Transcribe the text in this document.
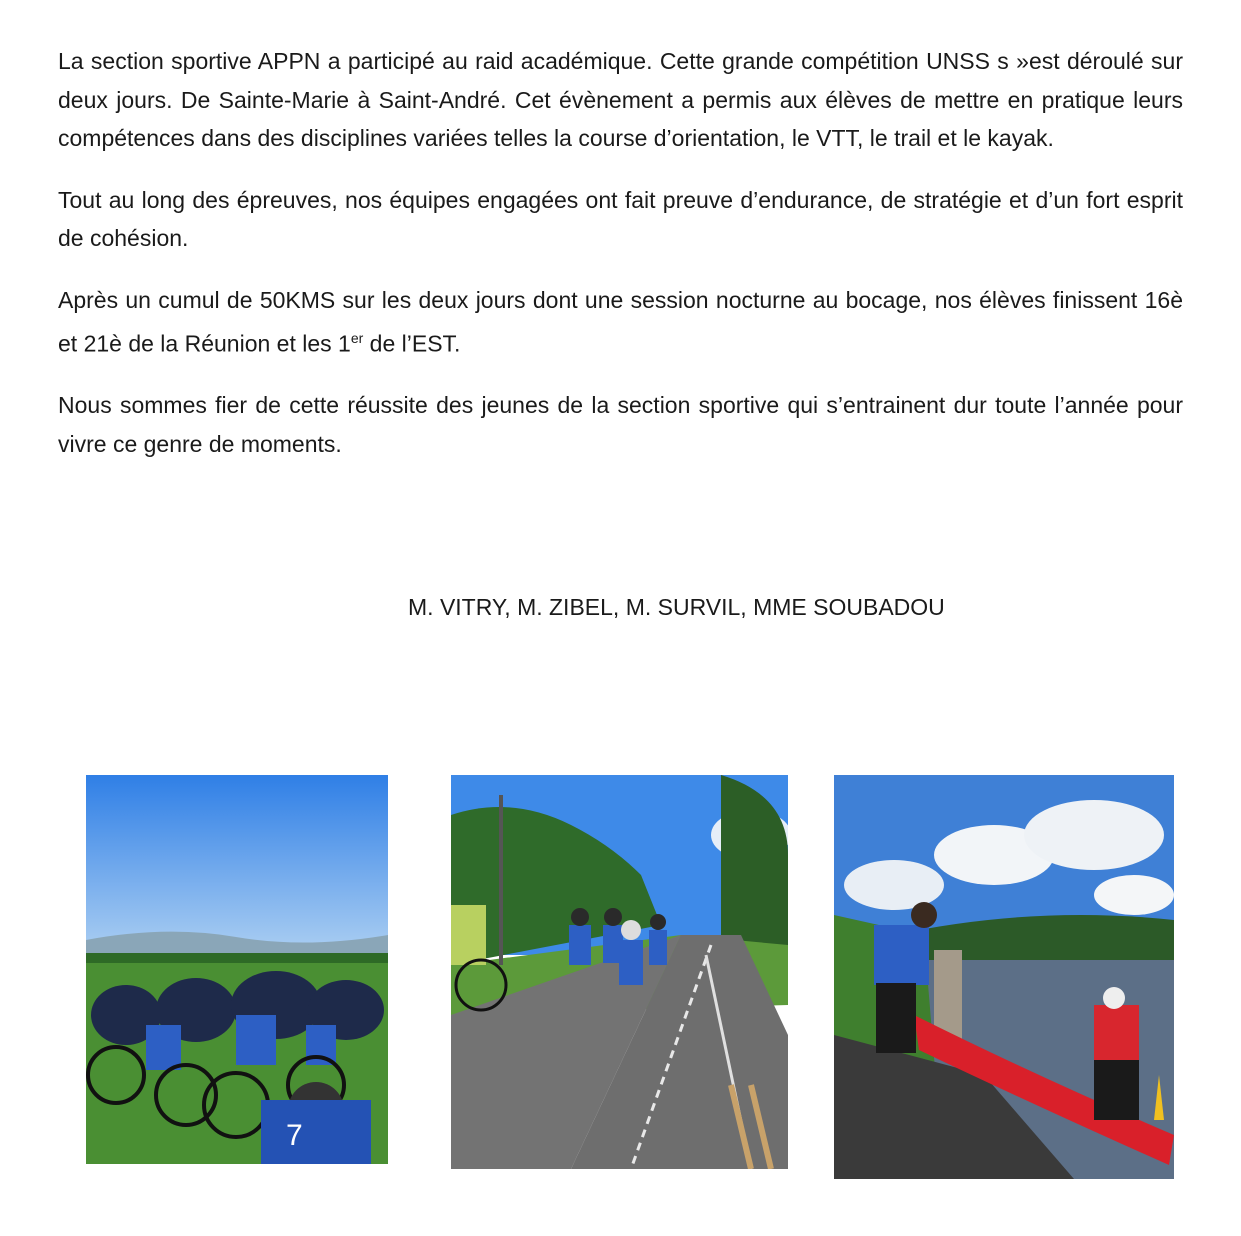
La section sportive APPN a participé au raid académique. Cette grande compétition UNSS s »est déroulé sur deux jours. De Sainte-Marie à Saint-André. Cet évènement a permis aux élèves de mettre en pratique leurs compétences dans des disciplines variées telles la course d’orientation, le VTT, le trail et le kayak.

Tout au long des épreuves, nos équipes engagées ont fait preuve d’endurance, de stratégie et d’un fort esprit de cohésion.

Après un cumul de 50KMS sur les deux jours dont une session nocturne au bocage, nos élèves finissent 16è et 21è de la Réunion et les 1er de l’EST.

Nous sommes fier de cette réussite des jeunes de la section sportive qui s’entrainent dur toute l’année pour vivre ce genre de moments.

M. VITRY, M. ZIBEL, M. SURVIL, MME SOUBADOU
7
